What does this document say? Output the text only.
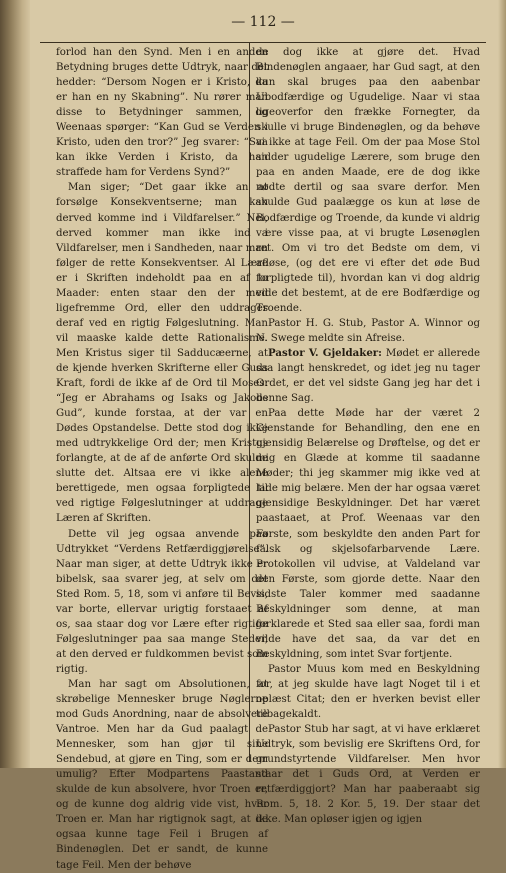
— 112 —

forlod han den Synd. Men i en anden Betydning bruges dette Udtryk, naar det hedder: “Dersom Nogen er i Kristo, da er han en ny Skabning”. Nu rører man disse to Betydninger sammen, og Weenaas spørger: “Kan Gud se Verden i Kristo, uden den tror?” Jeg svarer: “Saa kan ikke Verden i Kristo, da han straffede ham for Verdens Synd?”

Man siger; “Det gaar ikke an at forsølge Konsekventserne; man kan derved komme ind i Vildfarelser.” Nei, derved kommer man ikke ind i Vildfarelser, men i Sandheden, naar man følger de rette Konsekventser. Al Lære er i Skriften indeholdt paa en af to Maader: enten staar den der med ligefremme Ord, eller den uddrages deraf ved en rigtig Følgeslutning. Man vil maaske kalde dette Rationalisme. Men Kristus siger til Sadducæerne, at de kjende hverken Skrifterne eller Guds Kraft, fordi de ikke af de Ord til Moses: “Jeg er Abrahams og Isaks og Jakobs Gud”, kunde forstaa, at der var en Dødes Opstandelse. Dette stod dog ikke med udtrykkelige Ord der; men Kristus forlangte, at de af de anførte Ord skulde slutte det. Altsaa ere vi ikke alene berettigede, men ogsaa forpligtede til ved rigtige Følgeslutninger at uddrage Læren af Skriften.

Dette vil jeg ogsaa anvende paa Udtrykket “Verdens Retfærdiggjørelse”. Naar man siger, at dette Udtryk ikke er bibelsk, saa svarer jeg, at selv om det Sted Rom. 5, 18, som vi anføre til Bevis, var borte, ellervar urigtig forstaaet af os, saa staar dog vor Lære efter rigtige Følgeslutninger paa saa mange Steder, at den derved er fuldkommen bevist som rigtig.

Man har sagt om Absolutionen, at skrøbelige Mennesker bruge Nøglerne mod Guds Anordning, naar de absolvere Vantroe. Men har da Gud paalagt de Mennesker, som han gjør til sine Sendebud, at gjøre en Ting, som er dem umulig? Efter Modpartens Paastand skulde de kun absolvere, hvor Troen er, og de kunne dog aldrig vide vist, hvor Troen er. Man har rigtignok sagt, at de ogsaa kunne tage Feil i Brugen af Bindenøglen. Det er sandt, de kunne tage Feil. Men der behøve

de dog ikke at gjøre det. Hvad Bindenøglen angaaer, har Gud sagt, at den kun skal bruges paa den aabenbar Ubodfærdige og Ugudelige. Naar vi staa ligeoverfor den frække Fornegter, da skulle vi bruge Bindenøglen, og da behøve vi ikke at tage Feil. Om der paa Mose Stol sidder ugudelige Lærere, som bruge den paa en anden Maade, ere de dog ikke nødte dertil og saa svare derfor. Men skulde Gud paalægge os kun at løse de Bodfærdige og Troende, da kunde vi aldrig være visse paa, at vi brugte Løsenøglen ret. Om vi tro det Bedste om dem, vi afløse, (og det ere vi efter det øde Bud forpligtede til), hvordan kan vi dog aldrig vide det bestemt, at de ere Bodfærdige og Troende.

Pastor H. G. Stub, Pastor A. Winnor og N. Swege meldte sin Afreise.

Pastor V. Gjeldaker: Mødet er allerede saa langt henskredet, og idet jeg nu tager Ordet, er det vel sidste Gang jeg har det i denne Sag.

Paa dette Møde har der været 2 Gjenstande for Behandling, den ene en gjensidig Belærelse og Drøftelse, og det er mig en Glæde at komme til saadanne Møder; thi jeg skammer mig ikke ved at lade mig belære. Men der har ogsaa været gjensidige Beskyldninger. Det har været paastaaet, at Prof. Weenaas var den Første, som beskyldte den anden Part for falsk og skjelsofarbarvende Lære. Protokollen vil udvise, at Valdeland var den Første, som gjorde dette. Naar den sidste Taler kommer med saadanne Beskyldninger som denne, at man forklarede et Sted saa eller saa, fordi man vilde have det saa, da var det en Beskyldning, som intet Svar fortjente.

Pastor Muus kom med en Beskyldning for, at jeg skulde have lagt Noget til i et oplæst Citat; den er hverken bevist eller tilbagekaldt.

Pastor Stub har sagt, at vi have erklæret Udtryk, som bevislig ere Skriftens Ord, for grundstyrtende Vildfarelser. Men hvor staar det i Guds Ord, at Verden er retfærdiggjort? Man har paaberaabt sig Rom. 5, 18. 2 Kor. 5, 19. Der staar det ikke. Man opløser igjen og igjen
